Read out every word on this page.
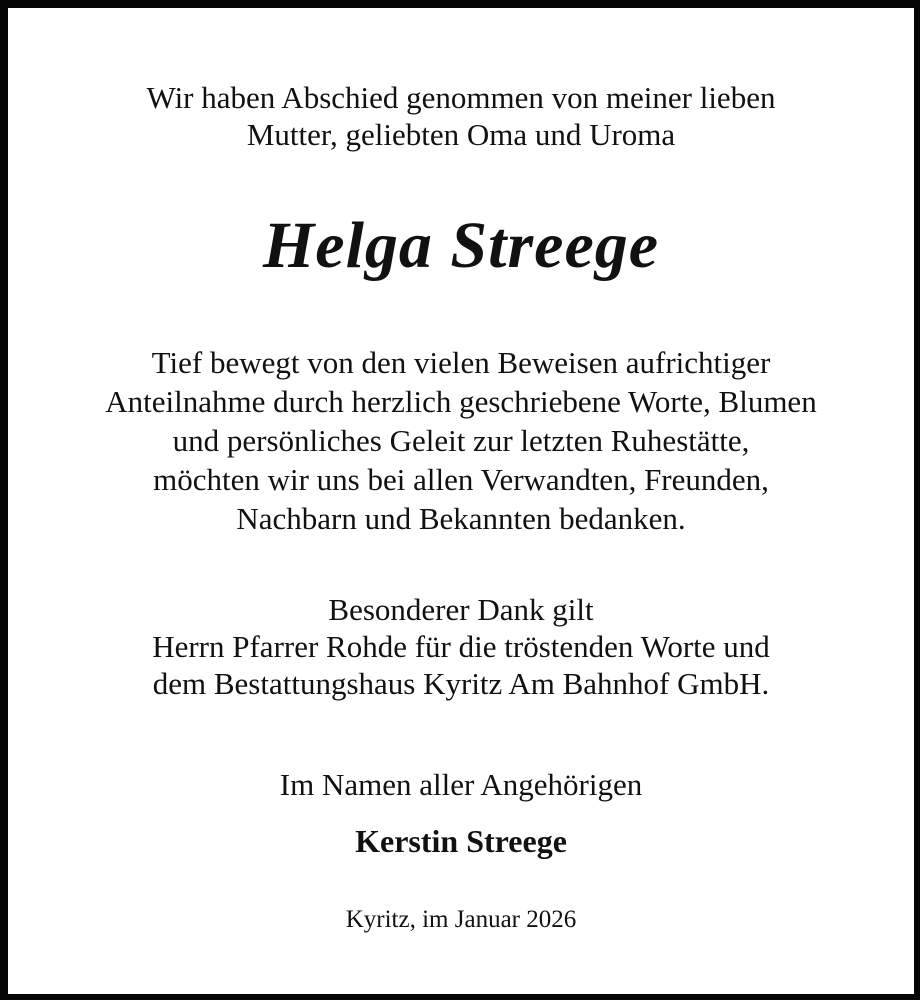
Wir haben Abschied genommen von meiner lieben
Mutter, geliebten Oma und Uroma
Helga Streege
Tief bewegt von den vielen Beweisen aufrichtiger
Anteilnahme durch herzlich geschriebene Worte, Blumen
und persönliches Geleit zur letzten Ruhestätte,
möchten wir uns bei allen Verwandten, Freunden,
Nachbarn und Bekannten bedanken.
Besonderer Dank gilt
Herrn Pfarrer Rohde für die tröstenden Worte und
dem Bestattungshaus Kyritz Am Bahnhof GmbH.
Im Namen aller Angehörigen
Kerstin Streege
Kyritz, im Januar 2026
